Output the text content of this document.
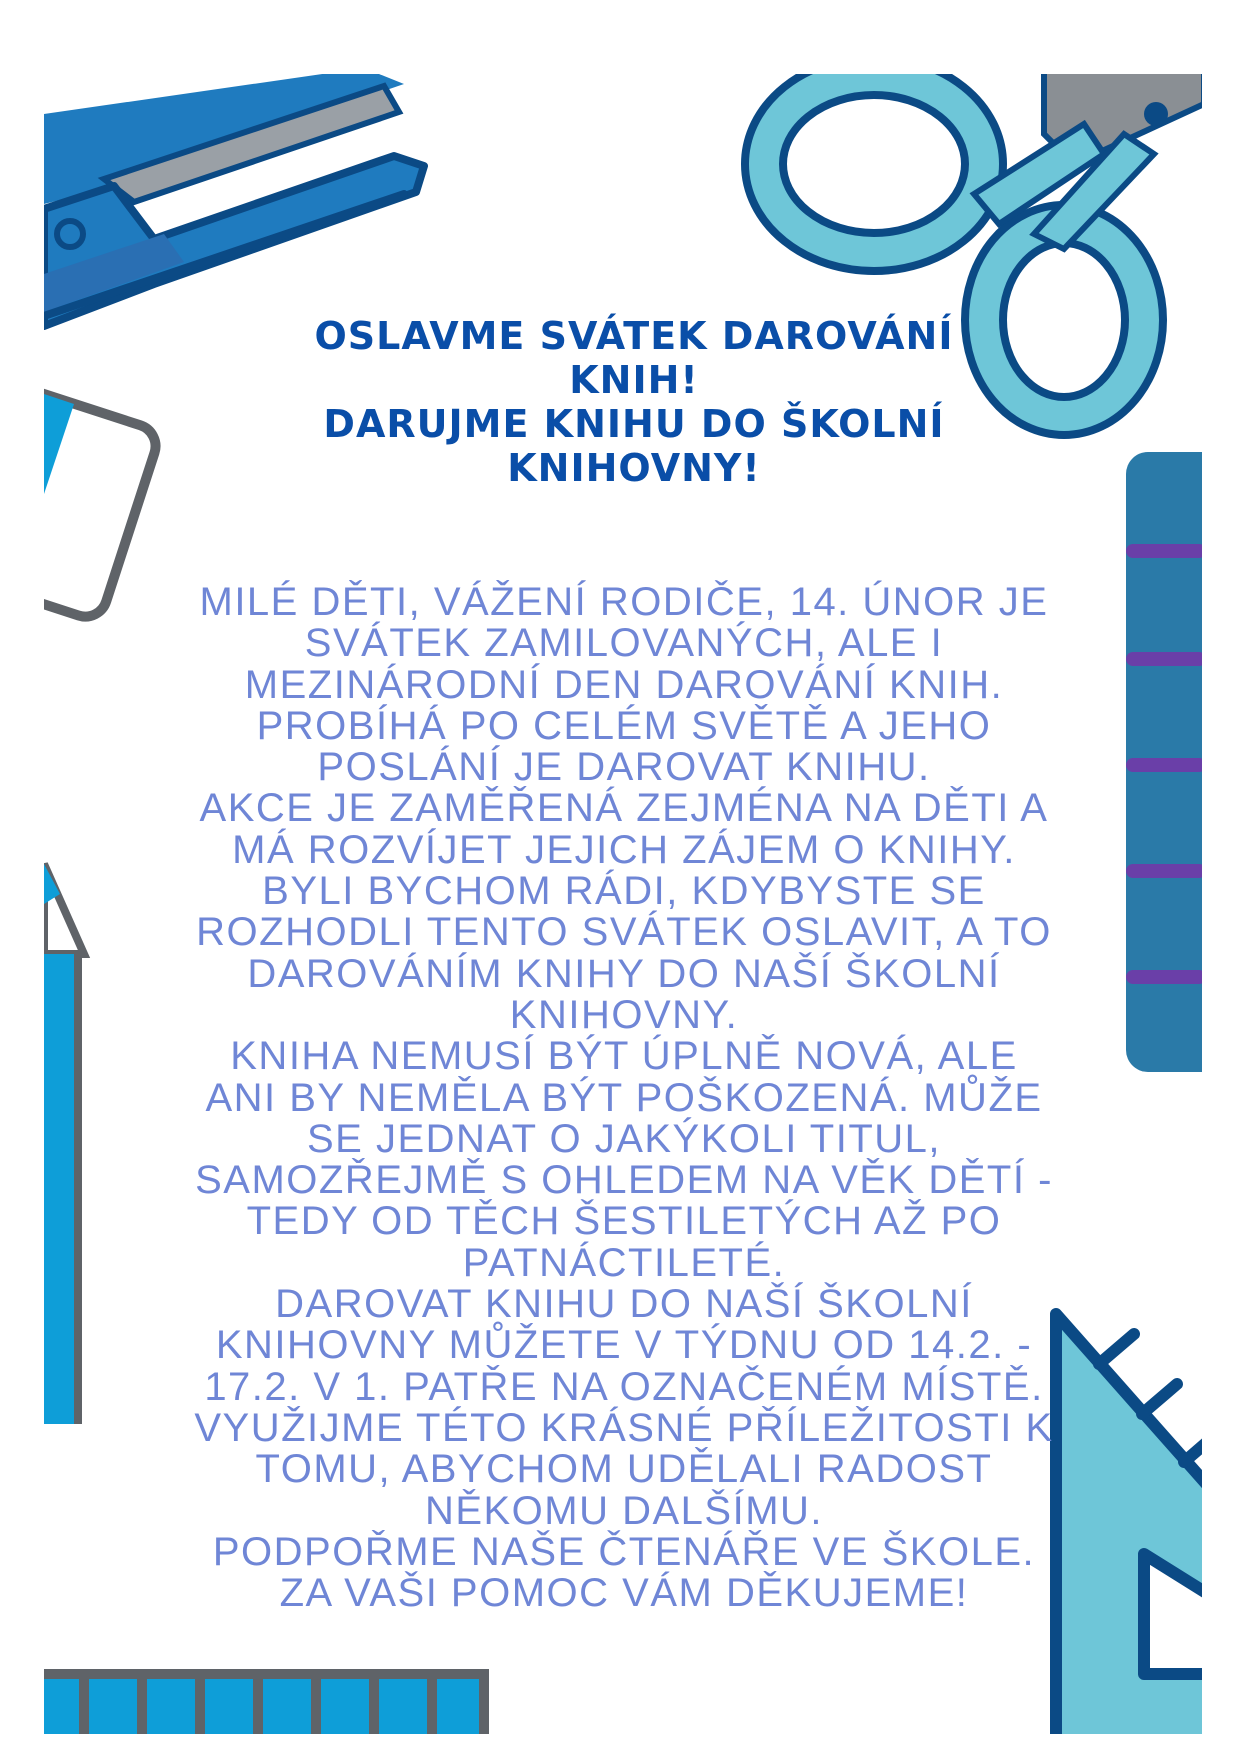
OSLAVME SVÁTEK DAROVÁNÍ
KNIH!
DARUJME KNIHU DO ŠKOLNÍ
KNIHOVNY!
MILÉ DĚTI, VÁŽENÍ RODIČE, 14. ÚNOR JE
SVÁTEK ZAMILOVANÝCH, ALE I
MEZINÁRODNÍ DEN DAROVÁNÍ KNIH.
PROBÍHÁ PO CELÉM SVĚTĚ A JEHO
POSLÁNÍ JE DAROVAT KNIHU.
AKCE JE ZAMĚŘENÁ ZEJMÉNA NA DĚTI A
MÁ ROZVÍJET JEJICH ZÁJEM O KNIHY.
BYLI BYCHOM RÁDI, KDYBYSTE SE
ROZHODLI TENTO SVÁTEK OSLAVIT, A TO
DAROVÁNÍM KNIHY DO NAŠÍ ŠKOLNÍ
KNIHOVNY.
KNIHA NEMUSÍ BÝT ÚPLNĚ NOVÁ, ALE
ANI BY NEMĚLA BÝT POŠKOZENÁ. MŮŽE
SE JEDNAT O JAKÝKOLI TITUL,
SAMOZŘEJMĚ S OHLEDEM NA VĚK DĚTÍ -
TEDY OD TĚCH ŠESTILETÝCH AŽ PO
PATNÁCTILETÉ.
DAROVAT KNIHU DO NAŠÍ ŠKOLNÍ
KNIHOVNY MŮŽETE V TÝDNU OD 14.2. -
17.2. V 1. PATŘE NA OZNAČENÉM MÍSTĚ.
VYUŽIJME TÉTO KRÁSNÉ PŘÍLEŽITOSTI K
TOMU, ABYCHOM UDĚLALI RADOST
NĚKOMU DALŠÍMU.
PODPOŘME NAŠE ČTENÁŘE VE ŠKOLE.
ZA VAŠI POMOC VÁM DĚKUJEME!
